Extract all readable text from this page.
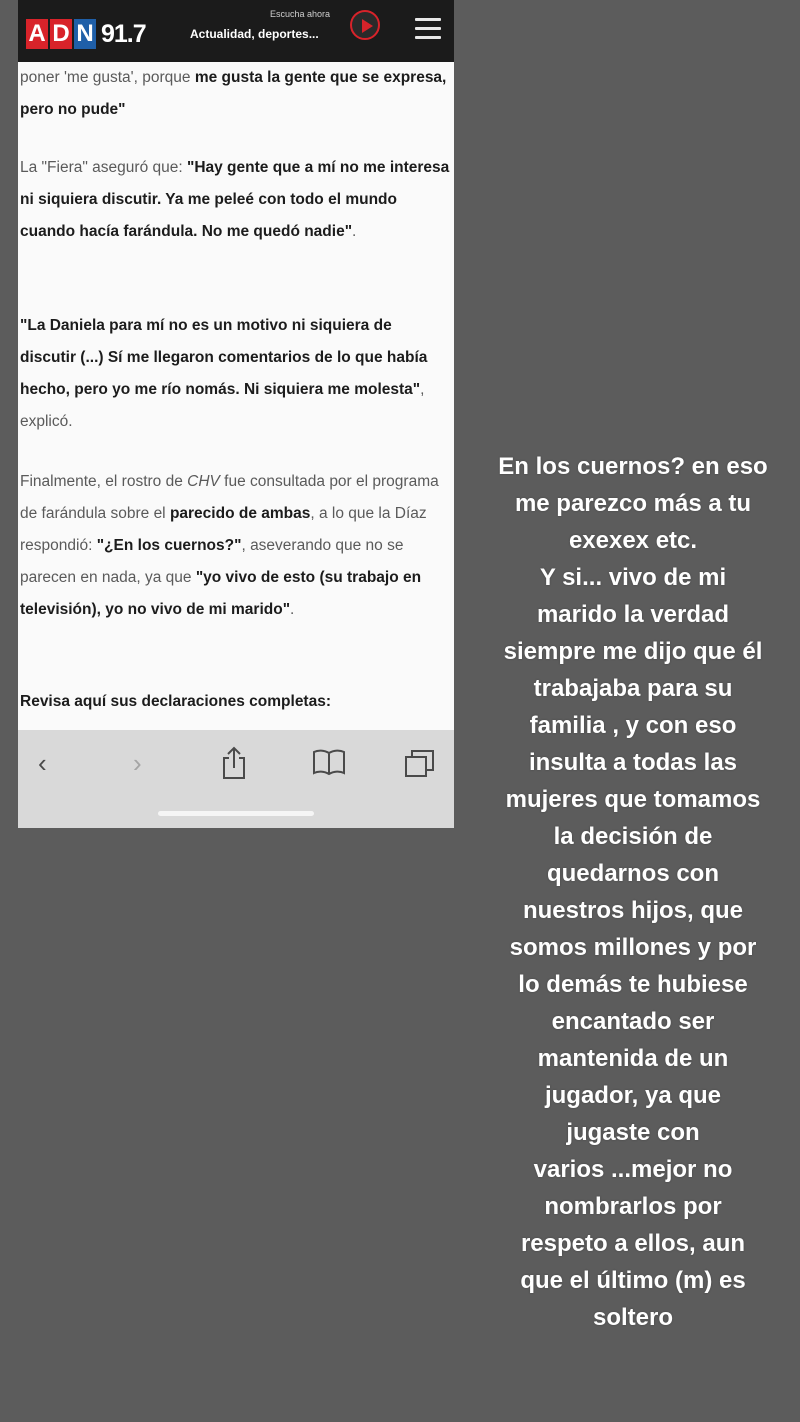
A D N 91.7
Escucha ahora
Actualidad, deportes...

poner 'me gusta', porque me gusta la gente que se expresa, pero no pude"

La "Fiera" aseguró que: "Hay gente que a mí no me interesa ni siquiera discutir. Ya me peleé con todo el mundo cuando hacía farándula. No me quedó nadie".

"La Daniela para mí no es un motivo ni siquiera de discutir (...) Sí me llegaron comentarios de lo que había hecho, pero yo me río nomás. Ni siquiera me molesta", explicó.

Finalmente, el rostro de CHV fue consultada por el programa de farándula sobre el parecido de ambas, a lo que la Díaz respondió: "¿En los cuernos?", aseverando que no se parecen en nada, ya que "yo vivo de esto (su trabajo en televisión), yo no vivo de mi marido".

Revisa aquí sus declaraciones completas:

‹	›
En los cuernos? en eso
me parezco más a tu
exexex etc.
Y si... vivo de mi
marido la verdad
siempre me dijo que él
trabajaba para su
familia , y con eso
insulta a todas las
mujeres que tomamos
la decisión de
quedarnos con
nuestros hijos, que
somos millones y por
lo demás te hubiese
encantado ser
mantenida de un
jugador, ya que
jugaste con
varios ...mejor no
nombrarlos por
respeto a ellos, aun
que el último (m) es
soltero
